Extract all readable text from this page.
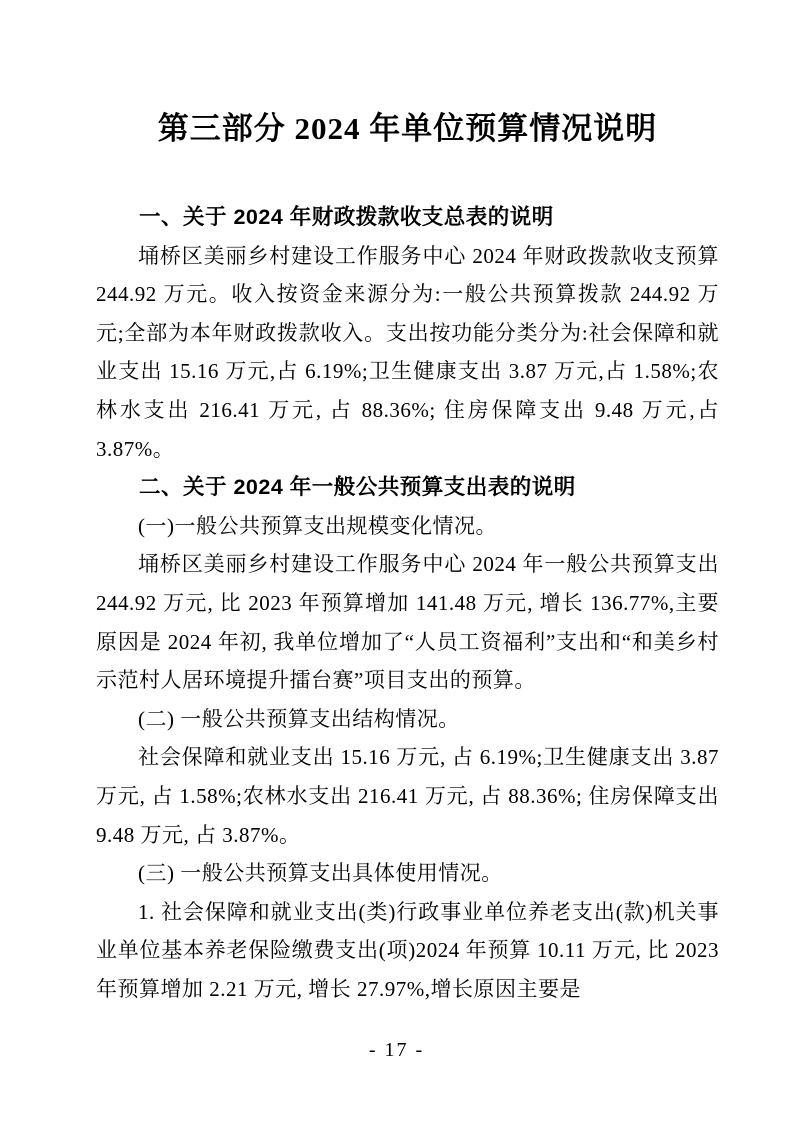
第三部分 2024 年单位预算情况说明

一、关于 2024 年财政拨款收支总表的说明

埇桥区美丽乡村建设工作服务中心 2024 年财政拨款收支预算 244.92 万元。收入按资金来源分为:一般公共预算拨款 244.92 万元;全部为本年财政拨款收入。支出按功能分类分为:社会保障和就业支出 15.16 万元,占 6.19%;卫生健康支出 3.87 万元,占 1.58%;农林水支出 216.41 万元, 占 88.36%; 住房保障支出 9.48 万元,占 3.87%。

二、关于 2024 年一般公共预算支出表的说明

(一)一般公共预算支出规模变化情况。

埇桥区美丽乡村建设工作服务中心 2024 年一般公共预算支出 244.92 万元, 比 2023 年预算增加 141.48 万元, 增长 136.77%,主要原因是 2024 年初, 我单位增加了“人员工资福利”支出和“和美乡村示范村人居环境提升擂台赛”项目支出的预算。

(二) 一般公共预算支出结构情况。

社会保障和就业支出 15.16 万元, 占 6.19%;卫生健康支出 3.87 万元, 占 1.58%;农林水支出 216.41 万元, 占 88.36%; 住房保障支出 9.48 万元, 占 3.87%。

(三) 一般公共预算支出具体使用情况。

1. 社会保障和就业支出(类)行政事业单位养老支出(款)机关事业单位基本养老保险缴费支出(项)2024 年预算 10.11 万元, 比 2023 年预算增加 2.21 万元, 增长 27.97%,增长原因主要是

- 17 -
